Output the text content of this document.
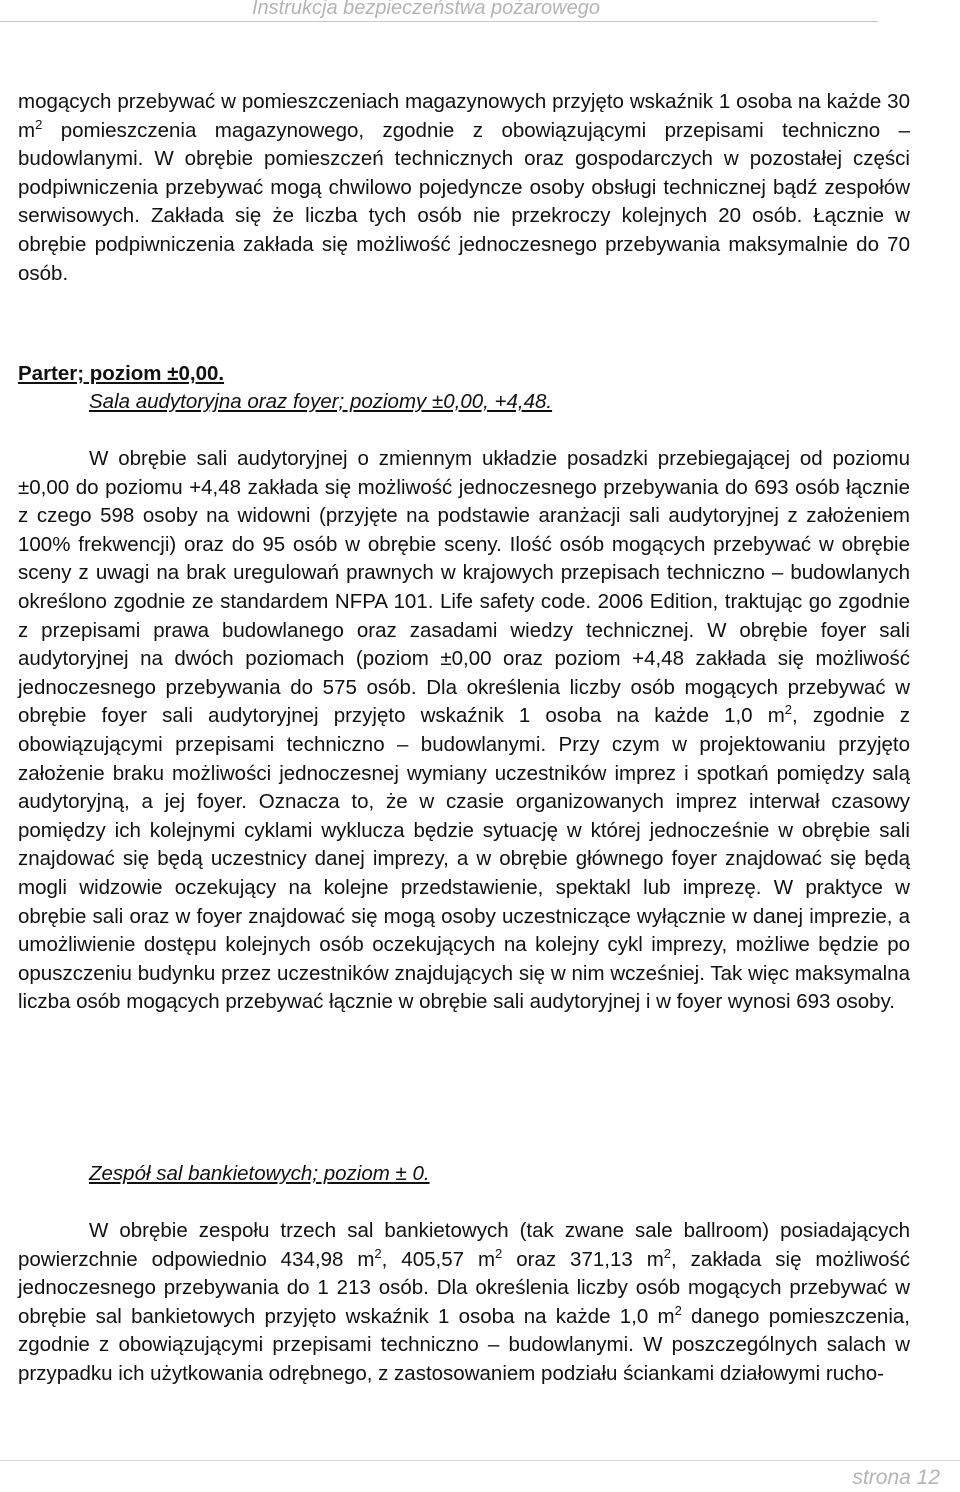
Instrukcja bezpieczeństwa pożarowego

mogących przebywać w pomieszczeniach magazynowych przyjęto wskaźnik 1 osoba na każde 30 $m^2$ pomieszczenia magazynowego, zgodnie z obowiązującymi przepisami techniczno – budowlanymi. W obrębie pomieszczeń technicznych oraz gospodarczych w pozostałej części podpiwniczenia przebywać mogą chwilowo pojedyncze osoby obsługi technicznej bądź zespołów serwisowych. Zakłada się że liczba tych osób nie przekroczy kolejnych 20 osób. Łącznie w obrębie podpiwniczenia zakłada się możliwość jednoczesnego przebywania maksymalnie do 70 osób.

Parter; poziom ±0,00.

Sala audytoryjna oraz foyer; poziomy ±0,00, +4,48.

W obrębie sali audytoryjnej o zmiennym układzie posadzki przebiegającej od poziomu ±0,00 do poziomu +4,48 zakłada się możliwość jednoczesnego przebywania do 693 osób łącznie z czego 598 osoby na widowni (przyjęte na podstawie aranżacji sali audytoryjnej z założeniem 100% frekwencji) oraz do 95 osób w obrębie sceny. Ilość osób mogących przebywać w obrębie sceny z uwagi na brak uregulowań prawnych w krajowych przepisach techniczno – budowlanych określono zgodnie ze standardem NFPA 101. Life safety code. 2006 Edition, traktując go zgodnie z przepisami prawa budowlanego oraz zasadami wiedzy technicznej. W obrębie foyer sali audytoryjnej na dwóch poziomach (poziom ±0,00 oraz poziom +4,48 zakłada się możliwość jednoczesnego przebywania do 575 osób. Dla określenia liczby osób mogących przebywać w obrębie foyer sali audytoryjnej przyjęto wskaźnik 1 osoba na każde 1,0 $m^2$, zgodnie z obowiązującymi przepisami techniczno – budowlanymi. Przy czym w projektowaniu przyjęto założenie braku możliwości jednoczesnej wymiany uczestników imprez i spotkań pomiędzy salą audytoryjną, a jej foyer. Oznacza to, że w czasie organizowanych imprez interwał czasowy pomiędzy ich kolejnymi cyklami wyklucza będzie sytuację w której jednocześnie w obrębie sali znajdować się będą uczestnicy danej imprezy, a w obrębie głównego foyer znajdować się będą mogli widzowie oczekujący na kolejne przedstawienie, spektakl lub imprezę. W praktyce w obrębie sali oraz w foyer znajdować się mogą osoby uczestniczące wyłącznie w danej imprezie, a umożliwienie dostępu kolejnych osób oczekujących na kolejny cykl imprezy, możliwe będzie po opuszczeniu budynku przez uczestników znajdujących się w nim wcześniej. Tak więc maksymalna liczba osób mogących przebywać łącznie w obrębie sali audytoryjnej i w foyer wynosi 693 osoby.

Zespół sal bankietowych; poziom ± 0.

W obrębie zespołu trzech sal bankietowych (tak zwane sale ballroom) posiadających powierzchnie odpowiednio 434,98 $m^2$, 405,57 $m^2$ oraz 371,13 $m^2$, zakłada się możliwość jednoczesnego przebywania do 1 213 osób. Dla określenia liczby osób mogących przebywać w obrębie sal bankietowych przyjęto wskaźnik 1 osoba na każde 1,0 $m^2$ danego pomieszczenia, zgodnie z obowiązującymi przepisami techniczno – budowlanymi. W poszczególnych salach w przypadku ich użytkowania odrębnego, z zastosowaniem podziału ściankami działowymi rucho-

strona 12
